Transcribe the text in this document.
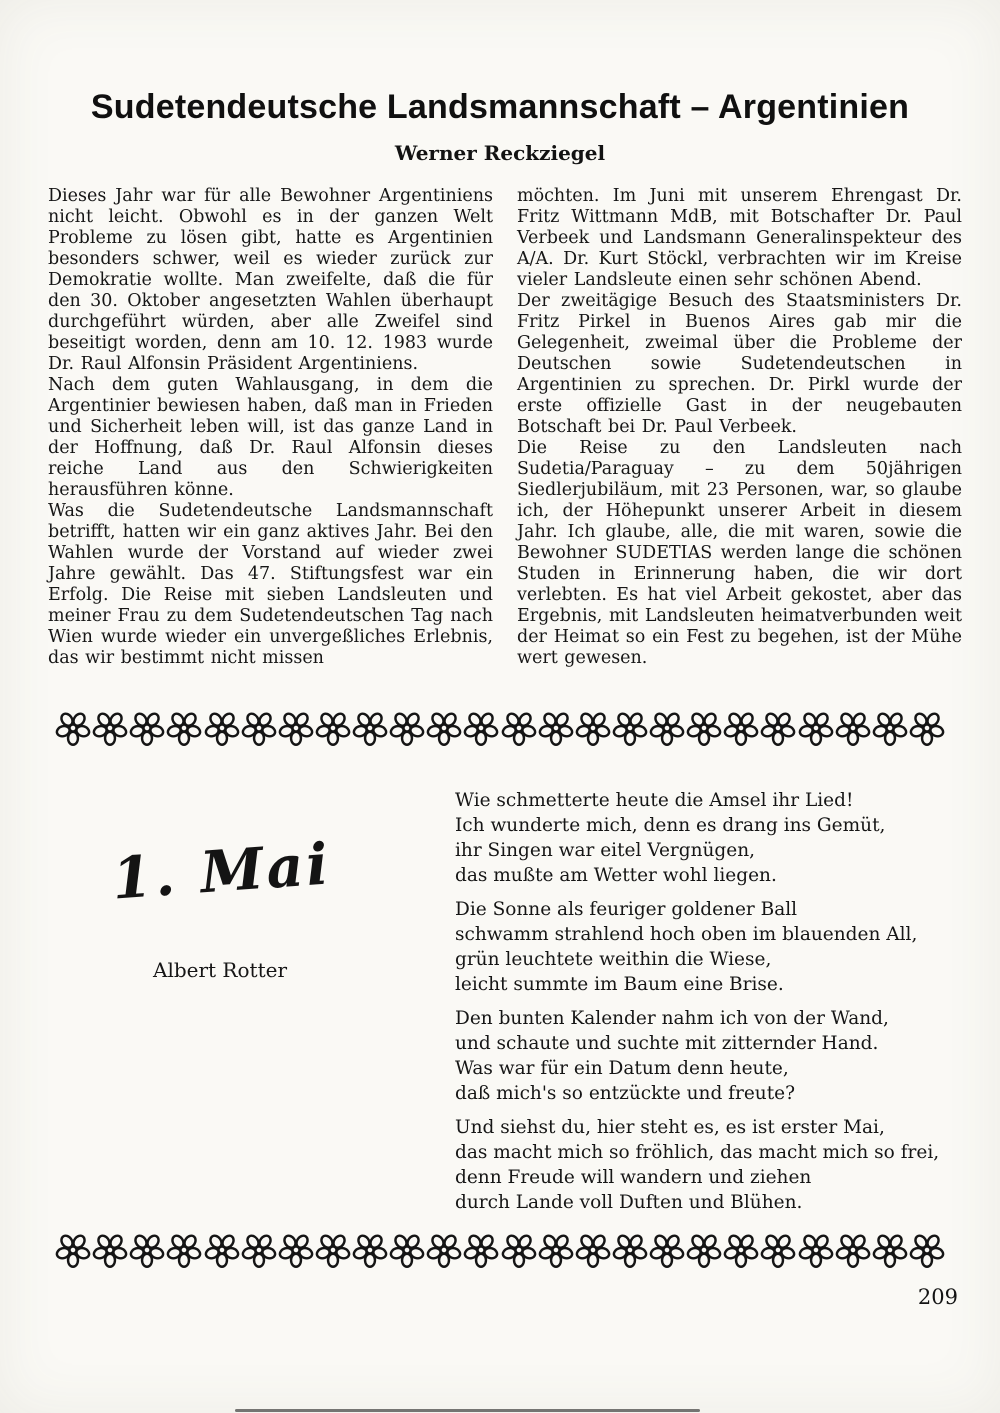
Sudetendeutsche Landsmannschaft – Argentinien
Werner Reckziegel

Dieses Jahr war für alle Bewohner Argentiniens nicht leicht. Obwohl es in der ganzen Welt Probleme zu lösen gibt, hatte es Argentinien besonders schwer, weil es wieder zurück zur Demokratie wollte. Man zweifelte, daß die für den 30. Oktober angesetzten Wahlen überhaupt durchgeführt würden, aber alle Zweifel sind beseitigt worden, denn am 10. 12. 1983 wurde Dr. Raul Alfonsin Präsident Argentiniens.

Nach dem guten Wahlausgang, in dem die Argentinier bewiesen haben, daß man in Frieden und Sicherheit leben will, ist das ganze Land in der Hoffnung, daß Dr. Raul Alfonsin dieses reiche Land aus den Schwierigkeiten herausführen könne.

Was die Sudetendeutsche Landsmannschaft betrifft, hatten wir ein ganz aktives Jahr. Bei den Wahlen wurde der Vorstand auf wieder zwei Jahre gewählt. Das 47. Stiftungsfest war ein Erfolg. Die Reise mit sieben Landsleuten und meiner Frau zu dem Sudetendeutschen Tag nach Wien wurde wieder ein unvergeßliches Erlebnis, das wir bestimmt nicht missen

möchten. Im Juni mit unserem Ehrengast Dr. Fritz Wittmann MdB, mit Botschafter Dr. Paul Verbeek und Landsmann Generalinspekteur des A/A. Dr. Kurt Stöckl, verbrachten wir im Kreise vieler Landsleute einen sehr schönen Abend.

Der zweitägige Besuch des Staatsministers Dr. Fritz Pirkel in Buenos Aires gab mir die Gelegenheit, zweimal über die Probleme der Deutschen sowie Sudetendeutschen in Argentinien zu sprechen. Dr. Pirkl wurde der erste offizielle Gast in der neugebauten Botschaft bei Dr. Paul Verbeek.

Die Reise zu den Landsleuten nach Sudetia/Paraguay – zu dem 50jährigen Siedlerjubiläum, mit 23 Personen, war, so glaube ich, der Höhepunkt unserer Arbeit in diesem Jahr. Ich glaube, alle, die mit waren, sowie die Bewohner SUDETIAS werden lange die schönen Studen in Erinnerung haben, die wir dort verlebten. Es hat viel Arbeit gekostet, aber das Ergebnis, mit Landsleuten heimatverbunden weit der Heimat so ein Fest zu begehen, ist der Mühe wert gewesen.

1. Mai
Albert Rotter
Wie schmetterte heute die Amsel ihr Lied!
Ich wunderte mich, denn es drang ins Gemüt,
ihr Singen war eitel Vergnügen,
das mußte am Wetter wohl liegen.
Die Sonne als feuriger goldener Ball
schwamm strahlend hoch oben im blauenden All,
grün leuchtete weithin die Wiese,
leicht summte im Baum eine Brise.
Den bunten Kalender nahm ich von der Wand,
und schaute und suchte mit zitternder Hand.
Was war für ein Datum denn heute,
daß mich's so entzückte und freute?
Und siehst du, hier steht es, es ist erster Mai,
das macht mich so fröhlich, das macht mich so frei,
denn Freude will wandern und ziehen
durch Lande voll Duften und Blühen.
209
